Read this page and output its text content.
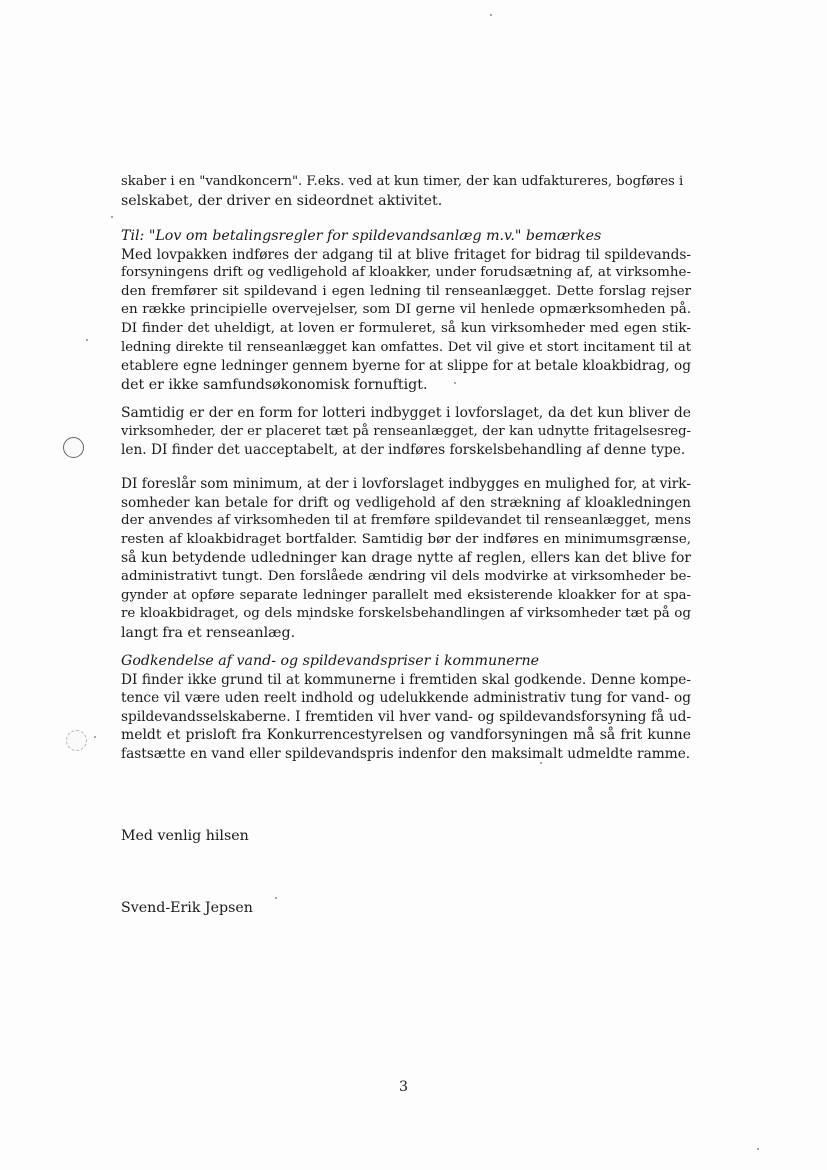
skaber i en "vandkoncern". F.eks. ved at kun timer, der kan udfaktureres, bogføres i
selskabet, der driver en sideordnet aktivitet.
Til: "Lov om betalingsregler for spildevandsanlæg m.v." bemærkes
Med lovpakken indføres der adgang til at blive fritaget for bidrag til spildevands-
forsyningens drift og vedligehold af kloakker, under forudsætning af, at virksomhe-
den fremfører sit spildevand i egen ledning til renseanlægget. Dette forslag rejser
en række principielle overvejelser, som DI gerne vil henlede opmærksomheden på.
DI finder det uheldigt, at loven er formuleret, så kun virksomheder med egen stik-
ledning direkte til renseanlægget kan omfattes. Det vil give et stort incitament til at
etablere egne ledninger gennem byerne for at slippe for at betale kloakbidrag, og
det er ikke samfundsøkonomisk fornuftigt.
Samtidig er der en form for lotteri indbygget i lovforslaget, da det kun bliver de
virksomheder, der er placeret tæt på renseanlægget, der kan udnytte fritagelsesreg-
len. DI finder det uacceptabelt, at der indføres forskelsbehandling af denne type.
DI foreslår som minimum, at der i lovforslaget indbygges en mulighed for, at virk-
somheder kan betale for drift og vedligehold af den strækning af kloakledningen
der anvendes af virksomheden til at fremføre spildevandet til renseanlægget, mens
resten af kloakbidraget bortfalder. Samtidig bør der indføres en minimumsgrænse,
så kun betydende udledninger kan drage nytte af reglen, ellers kan det blive for
administrativt tungt. Den forslåede ændring vil dels modvirke at virksomheder be-
gynder at opføre separate ledninger parallelt med eksisterende kloakker for at spa-
re kloakbidraget, og dels mindske forskelsbehandlingen af virksomheder tæt på og
langt fra et renseanlæg.
Godkendelse af vand- og spildevandspriser i kommunerne
DI finder ikke grund til at kommunerne i fremtiden skal godkende. Denne kompe-
tence vil være uden reelt indhold og udelukkende administrativ tung for vand- og
spildevandsselskaberne. I fremtiden vil hver vand- og spildevandsforsyning få ud-
meldt et prisloft fra Konkurrencestyrelsen og vandforsyningen må så frit kunne
fastsætte en vand eller spildevandspris indenfor den maksimalt udmeldte ramme.
Med venlig hilsen
Svend-Erik Jepsen
3
